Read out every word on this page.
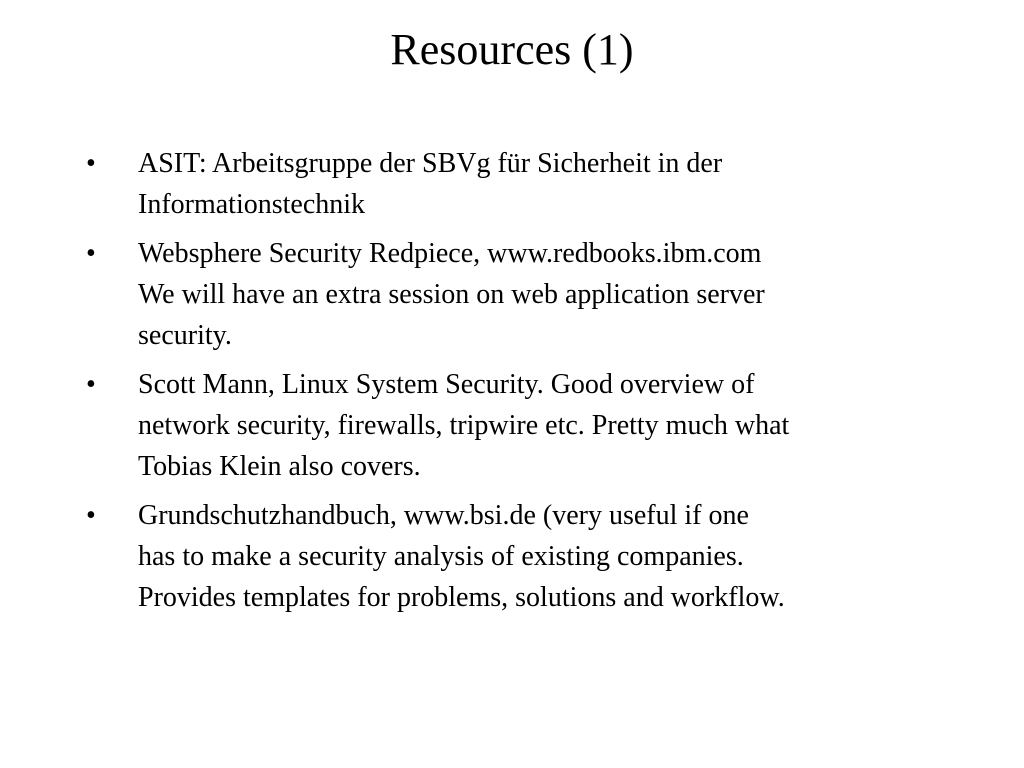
Resources (1)
• ASIT: Arbeitsgruppe der SBVg für Sicherheit in der
Informationstechnik
• Websphere Security Redpiece, www.redbooks.ibm.com
We will have an extra session on web application server
security.
• Scott Mann, Linux System Security. Good overview of
network security, firewalls, tripwire etc. Pretty much what
Tobias Klein also covers.
• Grundschutzhandbuch, www.bsi.de (very useful if one
has to make a security analysis of existing companies.
Provides templates for problems, solutions and workflow.
